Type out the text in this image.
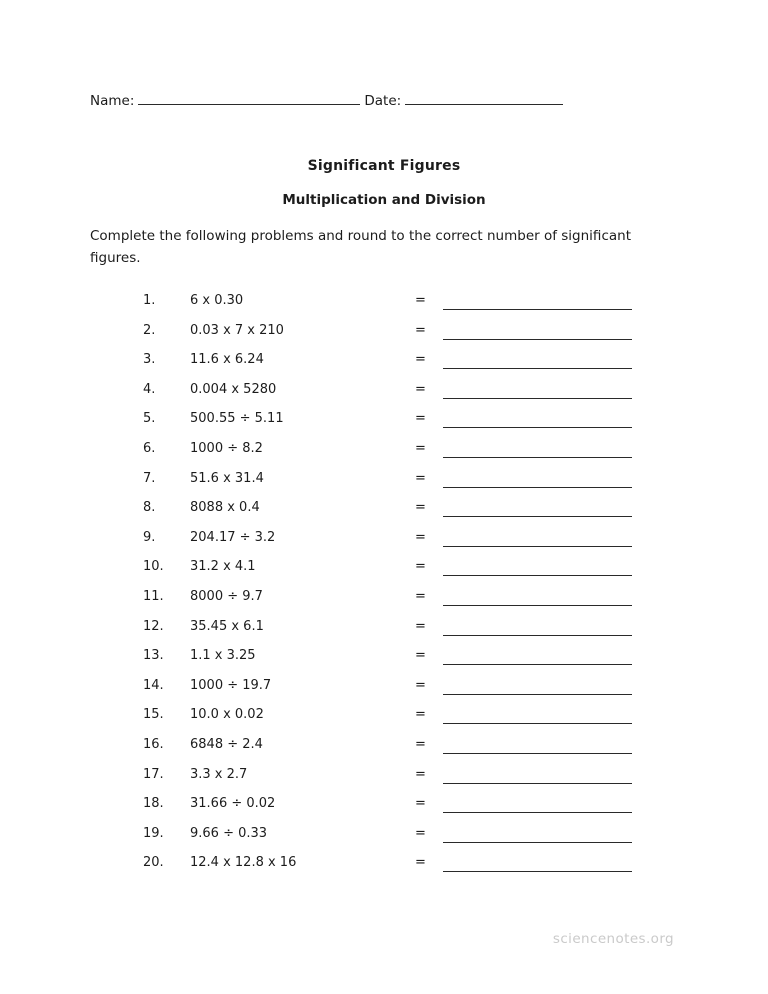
Name:	Date:
Significant Figures
Multiplication and Division
Complete the following problems and round to the correct number of significant figures.
1.	6 x 0.30	=
2.	0.03 x 7 x 210	=
3.	11.6 x 6.24	=
4.	0.004 x 5280	=
5.	500.55 ÷ 5.11	=
6.	1000 ÷ 8.2	=
7.	51.6 x 31.4	=
8.	8088 x 0.4	=
9.	204.17 ÷ 3.2	=
10. 31.2 x 4.1	=
11. 8000 ÷ 9.7	=
12. 35.45 x 6.1	=
13. 1.1 x 3.25	=
14. 1000 ÷ 19.7	=
15. 10.0 x 0.02	=
16. 6848 ÷ 2.4	=
17. 3.3 x 2.7	=
18. 31.66 ÷ 0.02	=
19. 9.66 ÷ 0.33	=
20. 12.4 x 12.8 x 16	=
sciencenotes.org
